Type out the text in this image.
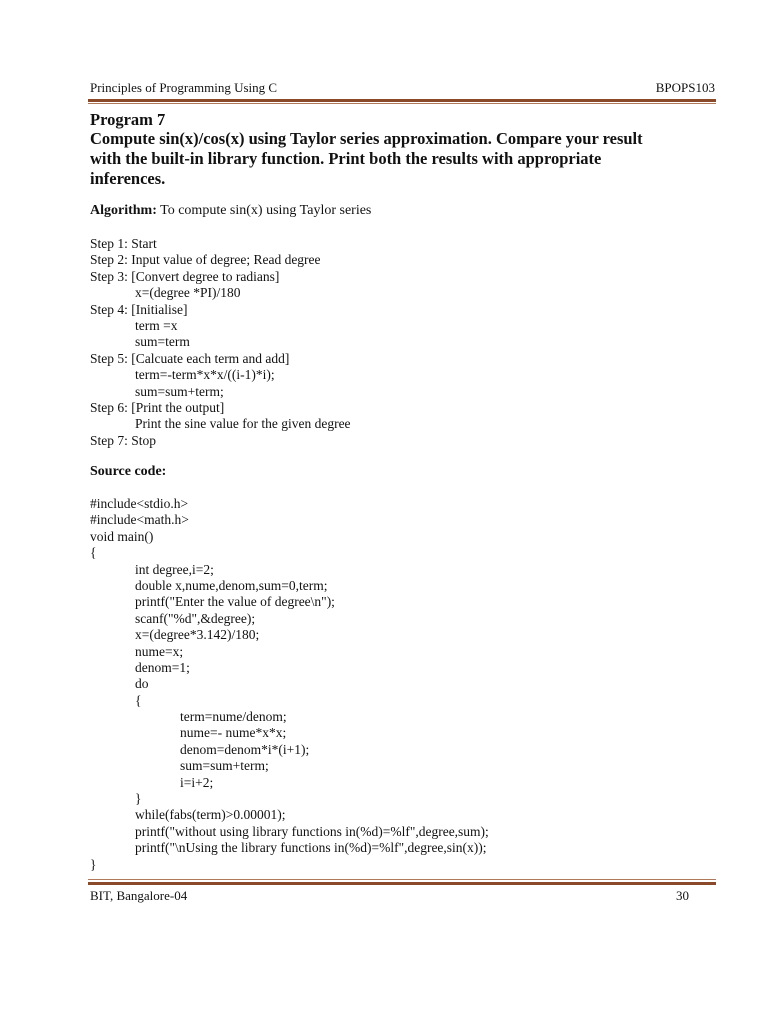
Principles of Programming Using C	BPOPS103
Program 7
Compute sin(x)/cos(x) using Taylor series approximation. Compare your result
with the built-in library function. Print both the results with appropriate
inferences.
Algorithm: To compute sin(x) using Taylor series
Step 1: Start
Step 2: Input value of degree; Read degree
Step 3: [Convert degree to radians]
x=(degree *PI)/180
Step 4: [Initialise]
term =x
sum=term
Step 5: [Calcuate each term and add]
term=-term*x*x/((i-1)*i);
sum=sum+term;
Step 6: [Print the output]
Print the sine value for the given degree
Step 7: Stop
Source code:
#include<stdio.h>
#include<math.h>
void main()
{
int degree,i=2;
double x,nume,denom,sum=0,term;
printf("Enter the value of degree\n");
scanf("%d",&degree);
x=(degree*3.142)/180;
nume=x;
denom=1;
do
{
term=nume/denom;
nume=- nume*x*x;
denom=denom*i*(i+1);
sum=sum+term;
i=i+2;
}
while(fabs(term)>0.00001);
printf("without using library functions in(%d)=%lf",degree,sum);
printf("\nUsing the library functions in(%d)=%lf",degree,sin(x));
}
BIT, Bangalore-04	30
